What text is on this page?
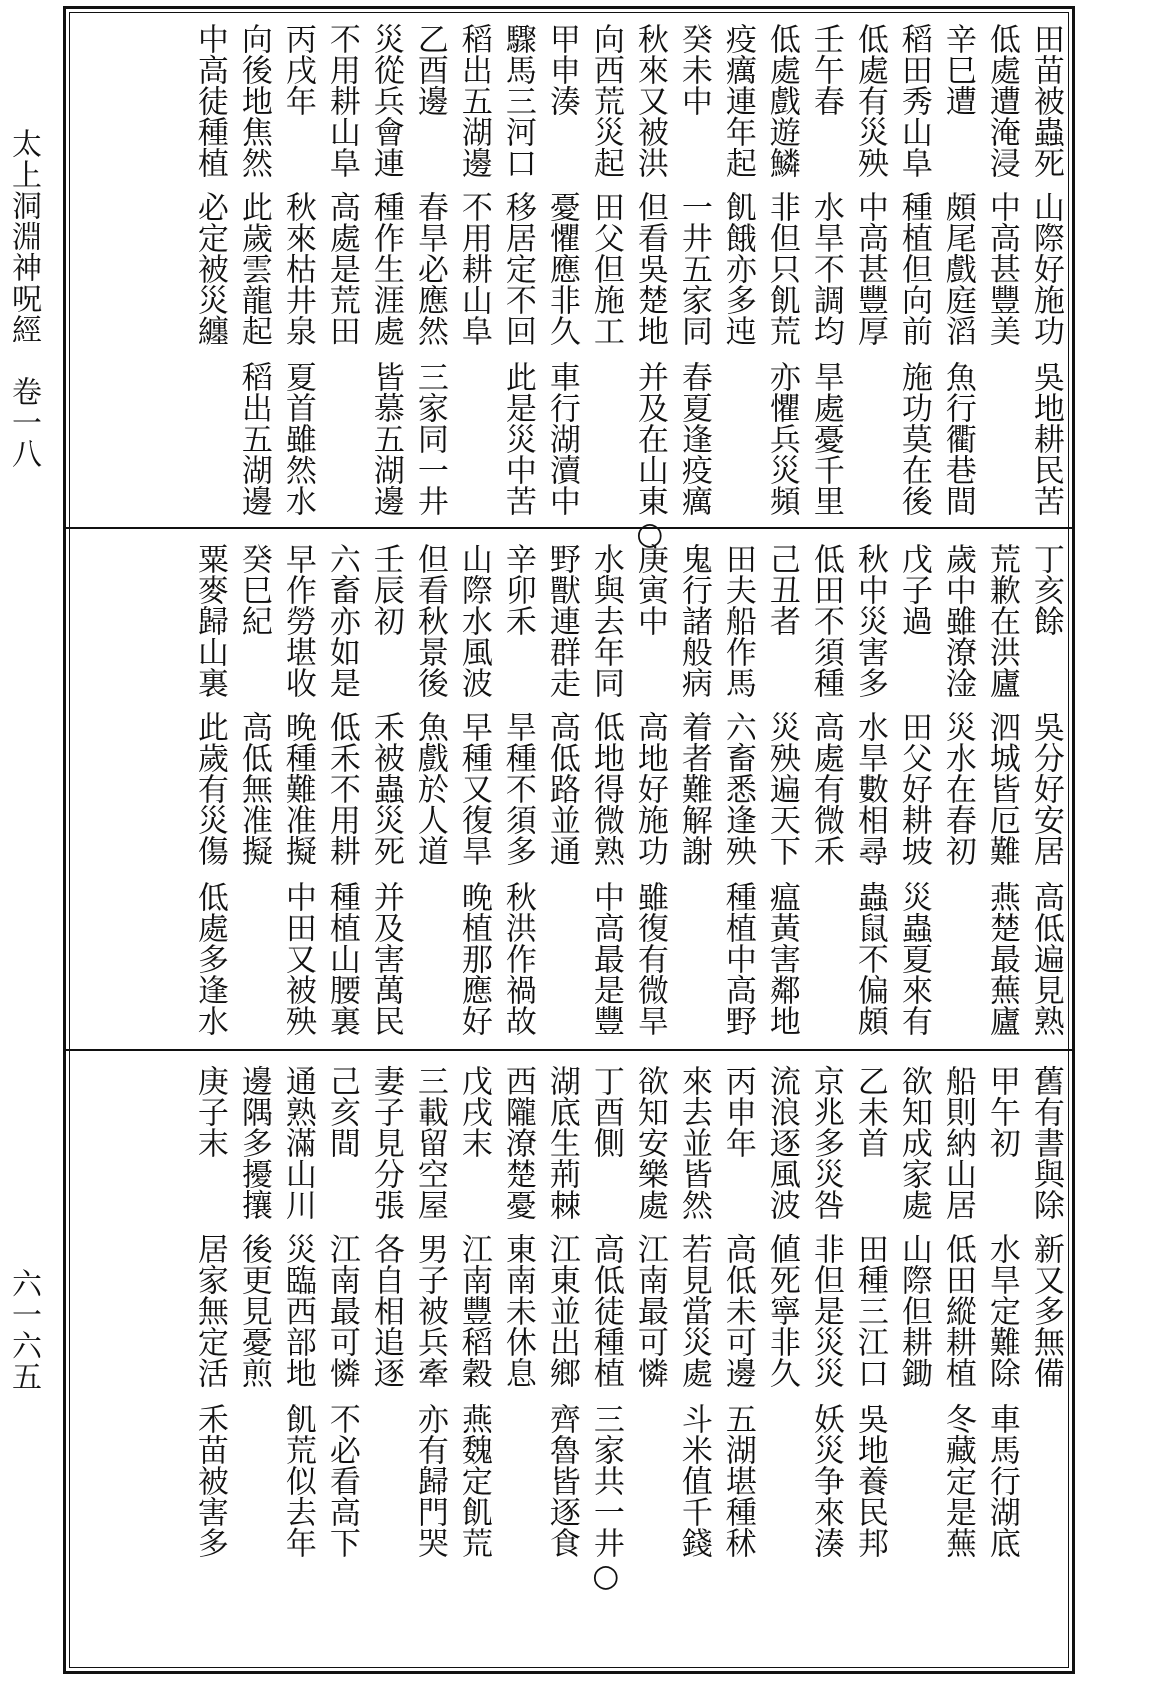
太上洞淵神呪經　卷一八
六一六五
田苗被蟲死
山際好施功
吳地耕民苦
低處遭淹浸
中高甚豐美
辛巳遭
頗尾戲庭滔
魚行衢巷間
稻田秀山阜
種植但向前
施功莫在後
低處有災殃
中高甚豐厚
壬午春
水旱不調均
旱處憂千里
低處戲遊鱗
非但只飢荒
亦懼兵災頻
疫癘連年起
飢餓亦多迍
癸未中
一井五家同
春夏逢疫癘
秋來又被洪
但看吳楚地
并及在山東○
向西荒災起
田父但施工
甲申湊
憂懼應非久
車行湖瀆中
驟馬三河口
移居定不回
此是災中苦
稻出五湖邊
不用耕山阜
乙酉邊
春旱必應然
三家同一井
災從兵會連
種作生涯處
皆慕五湖邊
不用耕山阜
高處是荒田
丙戌年
秋來枯井泉
夏首雖然水
向後地焦然
此歲雲龍起
稻出五湖邊
中高徒種植
必定被災纏
丁亥餘
吳分好安居
高低遍見熟
荒歉在洪廬
泗城皆厄難
燕楚最蕪廬
歲中雖潦淦
災水在春初
戊子過
田父好耕坡
災蟲夏來有
秋中災害多
水旱數相尋
蟲鼠不偏頗
低田不須種
高處有微禾
己丑者
災殃遍天下
瘟黃害鄰地
田夫船作馬
六畜悉逢殃
種植中高野
鬼行諸般病
着者難解謝
庚寅中
高地好施功
雖復有微旱
水與去年同
低地得微熟
中高最是豐
野獸連群走
高低路並通
辛卯禾
旱種不須多
秋洪作禍故
山際水風波
早種又復旱
晚植那應好
但看秋景後
魚戲於人道
壬辰初
禾被蟲災死
并及害萬民
六畜亦如是
低禾不用耕
種植山腰裏
早作勞堪收
晚種難准擬
中田又被殃
癸巳紀
高低無准擬
粟麥歸山裏
此歲有災傷
低處多逢水
舊有書與除
新又多無備
甲午初
水旱定難除
車馬行湖底
船則納山居
低田縱耕植
冬藏定是蕪
欲知成家處
山際但耕鋤
乙未首
田種三江口
吳地養民邦
京兆多災咎
非但是災災
妖災争來湊
流浪逐風波
値死寧非久
丙申年
高低未可邊
五湖堪種秫
來去並皆然
若見當災處
斗米值千錢
欲知安樂處
江南最可憐
丁酉側
高低徒種植
三家共一井○
湖底生荊棘
江東並出鄉
齊魯皆逐食
西隴潦楚憂
東南未休息
戊戌末
江南豐稻穀
燕魏定飢荒
三載留空屋
男子被兵牽
亦有歸門哭
妻子見分張
各自相追逐
己亥間
江南最可憐
不必看高下
通熟滿山川
災臨西部地
飢荒似去年
邊隅多擾攘
後更見憂煎
庚子末
居家無定活
禾苗被害多
